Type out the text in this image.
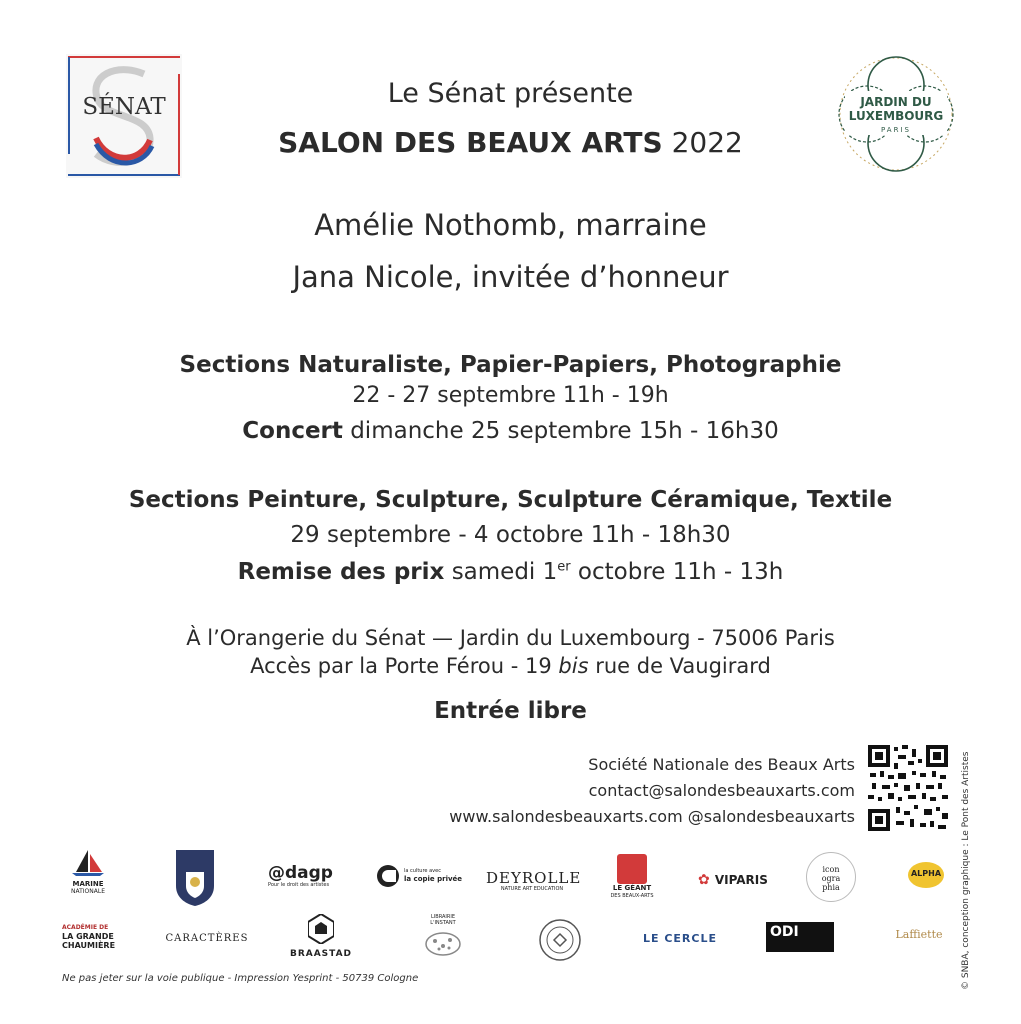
SÉNAT	JARDIN DU
LUXEMBOURG
PARIS
Le Sénat présente
SALON DES BEAUX ARTS 2022
Amélie Nothomb, marraine
Jana Nicole, invitée d’honneur
Sections Naturaliste, Papier-Papiers, Photographie
22 - 27 septembre 11h - 19h
Concert dimanche 25 septembre 15h - 16h30
Sections Peinture, Sculpture, Sculpture Céramique, Textile
29 septembre - 4 octobre 11h - 18h30
Remise des prix samedi 1er octobre 11h - 13h
À l’Orangerie du Sénat — Jardin du Luxembourg - 75006 Paris
Accès par la Porte Férou - 19 bis rue de Vaugirard
Entrée libre
Société Nationale des Beaux Arts
contact@salondesbeauxarts.com
www.salondesbeauxarts.com @salondesbeauxarts
MARINE
NATIONALE
@dagp
Pour le droit des artistes
la culture avec
la copie privée DEYROLLE
NATURE ART EDUCATION	LE GÉANT
DES BEAUX-ARTS
✿ VIPARIS
icon ogra phia
ALPHA
ACADÉMIE DE
LA GRANDE
CHAUMIÈRE
CARACTÈRES
BRAASTAD
LIBRAIRIE
L'INSTANT
LE CERCLE	ODI	Laffiette
Ne pas jeter sur la voie publique - Impression Yesprint - 50739 Cologne	© SNBA, conception graphique : Le Pont des Artistes
